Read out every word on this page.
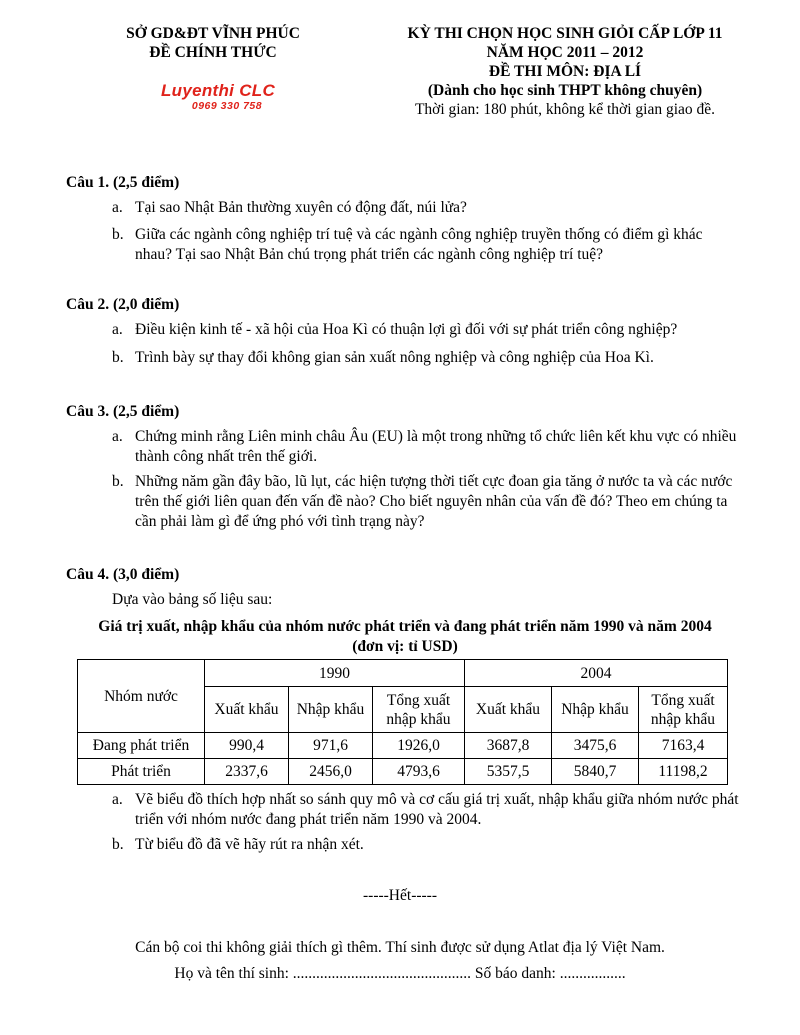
SỞ GD&ĐT VĨNH PHÚC
ĐỀ CHÍNH THỨC
Luyenthi CLC
0969 330 758
KỲ THI CHỌN HỌC SINH GIỎI CẤP LỚP 11
NĂM HỌC 2011 – 2012
ĐỀ THI MÔN: ĐỊA LÍ
(Dành cho học sinh THPT không chuyên)
Thời gian: 180 phút, không kể thời gian giao đề.
Câu 1. (2,5 điểm)
a. Tại sao Nhật Bản thường xuyên có động đất, núi lửa?
b. Giữa các ngành công nghiệp trí tuệ và các ngành công nghiệp truyền thống có điểm gì khác nhau? Tại sao Nhật Bản chú trọng phát triển các ngành công nghiệp trí tuệ?
Câu 2. (2,0 điểm)
a. Điều kiện kinh tế - xã hội của Hoa Kì có thuận lợi gì đối với sự phát triển công nghiệp?
b. Trình bày sự thay đổi không gian sản xuất nông nghiệp và công nghiệp của Hoa Kì.
Câu 3. (2,5 điểm)
a. Chứng minh rằng Liên minh châu Âu (EU) là một trong những tổ chức liên kết khu vực có nhiều thành công nhất trên thế giới.
b. Những năm gần đây bão, lũ lụt, các hiện tượng thời tiết cực đoan gia tăng ở nước ta và các nước trên thế giới liên quan đến vấn đề nào? Cho biết nguyên nhân của vấn đề đó? Theo em chúng ta cần phải làm gì để ứng phó với tình trạng này?
Câu 4. (3,0 điểm)
Dựa vào bảng số liệu sau:
Giá trị xuất, nhập khẩu của nhóm nước phát triển và đang phát triển năm 1990 và năm 2004
(đơn vị: tỉ USD)
Nhóm nước	1990			2004		
	Xuất khẩu	Nhập khẩu	Tổng xuất nhập khẩu	Xuất khẩu	Nhập khẩu	Tổng xuất nhập khẩu
Đang phát triển	990,4	971,6	1926,0	3687,8	3475,6	7163,4
Phát triển	2337,6	2456,0	4793,6	5357,5	5840,7	11198,2
a. Vẽ biểu đồ thích hợp nhất so sánh quy mô và cơ cấu giá trị xuất, nhập khẩu giữa nhóm nước phát triển với nhóm nước đang phát triển năm 1990 và 2004.
b. Từ biểu đồ đã vẽ hãy rút ra nhận xét.
-----Hết-----
Cán bộ coi thi không giải thích gì thêm. Thí sinh được sử dụng Atlat địa lý Việt Nam.
Họ và tên thí sinh: .............................................. Số báo danh: .................
